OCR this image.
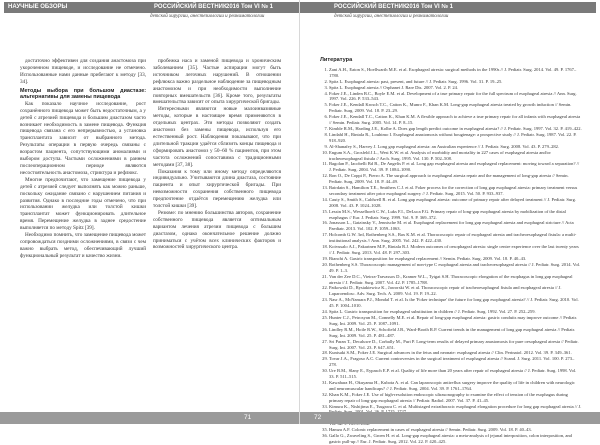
НАУЧНЫЕ ОБЗОРЫ	РОССИЙСКИЙ ВЕСТНИК 2016 Том VI № 1
детской хирургии, анестезиологии и реаниматологии

достаточно эффективен для создания анастомоза при укороченном пищеводе, и исследование не отмечено. Использованные нами данные прибегают к методу [33, 34].

Методы выбора при большом диастазе: альтернативы для замены пищевода

Как показало научное исследование, рост сохранённого пищевода может быть недостаточным, а у детей с атрезией пищевода и большим диастазом часто возникает необходимость в замене пищевода. Функция пищевода связана с его непрерывностью, а установка трансплантата зависит от выбранного метода. Результаты операции в первую очередь связаны с возрастом пациента, сопутствующими аномалиями и выбором доступа. Частыми осложнениями в раннем послеоперационном периоде являются несостоятельность анастомоза, стриктура и рефлюкс.

Многие предпочитают, что замещение пищевода у детей с атрезией следует выполнять как можно раньше, поскольку ожидание связано с нарушением питания и развития. Однако в последние годы отмечено, что при использовании желудка или толстой кишки трансплантат может функционировать длительное время. Перемещение желудка в заднее средостение выполняется по методу Spitz [39].

Необходимо помнить, что замещение пищевода может сопровождаться поздними осложнениями, в связи с чем важно выбрать метод, обеспечивающий лучший функциональный результат и качество жизни.

пробежка насa и заменой пищевода и хроническим заболеванием [35]. Частые аспирации могут быть источником легочных нарушений. В отношении рефлюкса важно раздельное наблюдение за пищеводным анастомозом и при необходимости выполнение повторных вмешательств [36]. Кроме того, результаты вмешательства зависят от опыта хирургической бригады.

Интересными являются новые малоинвазивные методы, которые в настоящее время применяются в отдельных центрах. Эти методы позволяют создать анастомоз без замены пищевода, используя его естественный рост. Наблюдения показывают, что при длительной тракции удаётся сблизить концы пищевода и сформировать анастомоз у 50–60 % пациентов, при этом частота осложнений сопоставима с традиционными методами [37, 38].

Показания к тому или иному методу определяются индивидуально. Учитываются длина диастаза, состояние пациента и опыт хирургической бригады. При невозможности сохранения собственного пищевода предпочтение отдаётся перемещению желудка или толстой кишки [39].

Резюме: по мнению большинства авторов, сохранение собственного пищевода является оптимальным вариантом лечения атрезии пищевода с большим диастазом, однако окончательное решение должно приниматься с учётом всех клинических факторов и возможностей хирургического центра.

71
РОССИЙСКИЙ ВЕСТНИК 2016 Том VI № 1
детской хирургии, анестезиологии и реаниматологии
Литература
1. Zani A.H., Eaton S., Hoellwarth M.E. et al. Esophageal atresia: surgical methods in the 1990s // J. Pediatr. Surg. 2014. Vol. 49. P. 1767–1780.
2. Spitz L. Esophageal atresia: past, present, and future // J. Pediatr. Surg. 1996. Vol. 31. P. 19–25.
3. Spitz L. Esophageal atresia // Orphanet J. Rare Dis. 2007. Vol. 2. P. 24.
4. Foker J.E., Linden B.C., Boyle E.M. et al. Development of a true primary repair for the full spectrum of esophageal atresia // Ann. Surg. 1997. Vol. 226. P. 533–543.
5. Foker J.E., Kendall Krosch T.C., Catton K., Munro F., Khan K.M. Long-gap esophageal atresia treated by growth induction // Semin. Pediatr. Surg. 2009. Vol. 18. P. 23–29.
6. Foker J.E., Kendall T.C., Catton K., Khan K.M. A flexible approach to achieve a true primary repair for all infants with esophageal atresia // Semin. Pediatr. Surg. 2005. Vol. 14. P. 8–15.
7. Kimble R.M., Harding J.E., Kolbe A. Does gap length predict outcome in esophageal atresia? // J. Pediatr. Surg. 1997. Vol. 32. P. 419–422.
8. Lindahl H., Rintala R., Louhimo I. Esophageal anastomosis without bougienage: a prospective study // J. Pediatr. Surg. 1987. Vol. 22. P. 918–920.
9. Al-Shanafey S., Harvey J. Long gap esophageal atresia: an Australian experience // J. Pediatr. Surg. 2008. Vol. 43. P. 279–282.
10. Engum S.A., Grosfeld J.L., West K.W. et al. Analysis of morbidity and mortality in 227 cases of esophageal atresia and/or tracheoesophageal fistula // Arch. Surg. 1995. Vol. 130. P. 502–508.
11. Bagolan P., Iacobelli Bd B., De Angelis P. et al. Long gap esophageal atresia and esophageal replacement: moving toward a separation? // J. Pediatr. Surg. 2004. Vol. 39. P. 1084–1090.
12. Ron O., De Coppi P., Pierro A. The surgical approach to esophageal atresia repair and the management of long-gap atresia // Semin. Pediatr. Surg. 2009. Vol. 18. P. 44–49.
13. Bairdain S., Hamilton T.E., Smithers C.J. et al. Foker process for the correction of long gap esophageal atresia: primary treatment versus secondary treatment after prior esophageal surgery // J. Pediatr. Surg. 2015. Vol. 50. P. 933–937.
14. Cauty S., Smith S., Caldwell R. et al. Long gap esophageal atresia: outcome of primary repair after delayed treatment // J. Pediatr. Surg. 2008. Vol. 43. P. 1024–1028.
15. Lessin M.S., Wesselhoeft C.W., Luks F.I., DeLuca F.G. Primary repair of long-gap esophageal atresia by mobilization of the distal esophagus // Eur. J. Pediatr. Surg. 1999. Vol. 9. P. 369–372.
16. Jonasson L., Gatzinsky V., Jennische M. et al. Esophageal replacement for long gap esophageal atresia and esophageal stricture // Acta Paediatr. 2013. Vol. 102. P. 1059–1063.
17. Holcomb G.W. 3rd, Rothenberg S.S., Bax K.M. et al. Thoracoscopic repair of esophageal atresia and tracheoesophageal fistula: a multi-institutional analysis // Ann. Surg. 2005. Vol. 242. P. 422–430.
18. Koivusalo A.I., Pakarinen M.P., Rintala R.J. Modern outcomes of oesophageal atresia: single centre experience over the last twenty years // J. Pediatr. Surg. 2013. Vol. 48. P. 297–303.
19. Bianchi A. Gastric transposition for esophageal replacement // Semin. Pediatr. Surg. 2009. Vol. 18. P. 40–43.
20. Rothenberg S.S. Thoracoscopic management of non-type C esophageal atresia and tracheoesophageal atresia // J. Pediatr. Surg. 2014. Vol. 49. P. 1–3.
21. Van der Zee D.C., Vieirra-Travassos D., Kramer W.L., Tytgat S.H. Thoracoscopic elongation of the esophagus in long gap esophageal atresia // J. Pediatr. Surg. 2007. Vol. 42. P. 1785–1788.
22. Patkowski D., Rysiakiewicz K., Jaworski W. et al. Thoracoscopic repair of tracheoesophageal fistula and esophageal atresia // J. Laparoendosc. Adv. Surg. Tech. A. 2009. Vol. 19. P. 19–22.
23. Nasr A., McNamara P.J., Mondal T. et al. Is the 'Foker technique' the future for long gap esophageal atresia? // J. Pediatr. Surg. 2010. Vol. 45. P. 1004–1010.
24. Spitz L. Gastric transposition for esophageal substitution in children // J. Pediatr. Surg. 1992. Vol. 27. P. 252–259.
25. Hunter C.J., Petrosyan M., Connelly M.E. et al. Repair of long-gap esophageal atresia: gastric conduits may improve outcome // Pediatr. Surg. Int. 2009. Vol. 25. P. 1087–1091.
26. Lindley R.M., Hoile R.W., Schofield J.B., Ward-Booth R.P. Current trends in the management of long gap esophageal atresia // Pediatr. Surg. Int. 2009. Vol. 25. P. 481–487.
27. Sri Paran T., Decaluwe D., Corbally M., Puri P. Long-term results of delayed primary anastomosis for pure oesophageal atresia // Pediatr. Surg. Int. 2007. Vol. 23. P. 647–651.
28. Kunisaki S.M., Foker J.E. Surgical advances in the fetus and neonate: esophageal atresia // Clin. Perinatol. 2012. Vol. 39. P. 349–361.
29. Tovar J.A., Fragoso A.C. Current controversies in the surgical treatment of esophageal atresia // Scand. J. Surg. 2011. Vol. 100. P. 273–278.
30. Ure B.M., Slany E., Eypasch E.P. et al. Quality of life more than 20 years after repair of esophageal atresia // J. Pediatr. Surg. 1998. Vol. 33. P. 511–515.
31. Kawahara H., Okuyama H., Kubota A. et al. Can laparoscopic antireflux surgery improve the quality of life in children with neurologic and neuromuscular handicaps? // J. Pediatr. Surg. 2004. Vol. 39. P. 1761–1764.
32. Khan K.M., Foker J.E. Use of high-resolution endoscopic ultrasonography to examine the effect of tension of the esophagus during primary repair of long-gap esophageal atresia // Pediatr. Radiol. 2007. Vol. 37. P. 41–45.
33. Kimura K., Nishijima E., Tsugawa C. et al. Multistaged extrathoracic esophageal elongation procedure for long gap esophageal atresia // J.
34.
35. Hamza A.F. Colonic replacement in cases of esophageal atresia // Semin. Pediatr. Surg. 2009. Vol. 18. P. 40–43.
36. Gallo G., Zwaveling S., Groen H. et al. Long-gap esophageal atresia: a meta-analysis of jejunal interposition, colon interposition, and gastric pull-up // Eur. J. Pediatr. Surg. 2012. Vol. 22. P. 420–425.
72
